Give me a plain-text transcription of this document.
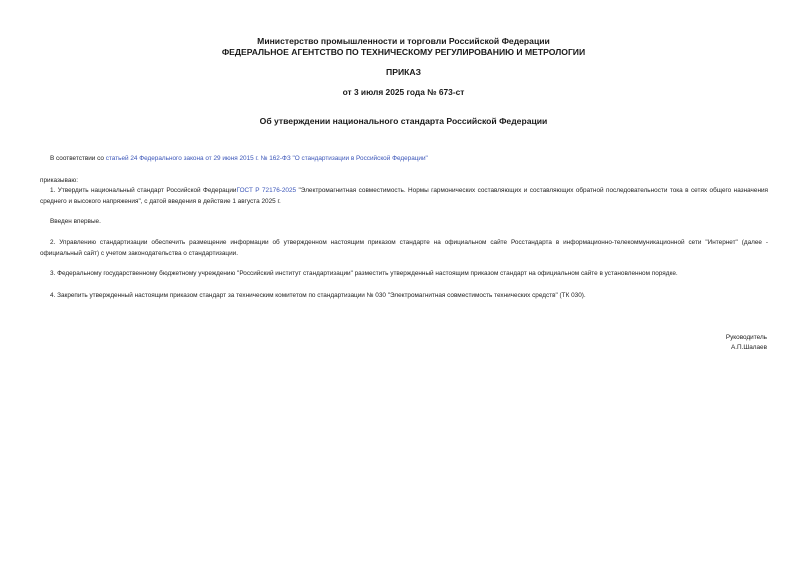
Министерство промышленности и торговли Российской Федерации
ФЕДЕРАЛЬНОЕ АГЕНТСТВО ПО ТЕХНИЧЕСКОМУ РЕГУЛИРОВАНИЮ И МЕТРОЛОГИИ
ПРИКАЗ
от 3 июля 2025 года № 673-ст
Об утверждении национального стандарта Российской Федерации
В соответствии со статьей 24 Федерального закона от 29 июня 2015 г. № 162-ФЗ "О стандартизации в Российской Федерации"
приказываю:
1. Утвердить национальный стандарт Российской ФедерацииГОСТ Р 72176-2025 "Электромагнитная совместимость. Нормы гармонических составляющих и составляющих обратной последовательности тока в сетях общего назначения среднего и высокого напряжения", с датой введения в действие 1 августа 2025 г.
Введен впервые.
2. Управлению стандартизации обеспечить размещение информации об утвержденном настоящим приказом стандарте на официальном сайте Росстандарта в информационно-телекоммуникационной сети "Интернет" (далее - официальный сайт) с учетом законодательства о стандартизации.
3. Федеральному государственному бюджетному учреждению "Российский институт стандартизации" разместить утвержденный настоящим приказом стандарт на официальном сайте в установленном порядке.
4. Закрепить утвержденный настоящим приказом стандарт за техническим комитетом по стандартизации № 030 "Электромагнитная совместимость технических средств" (ТК 030).
Руководитель
А.П.Шалаев
